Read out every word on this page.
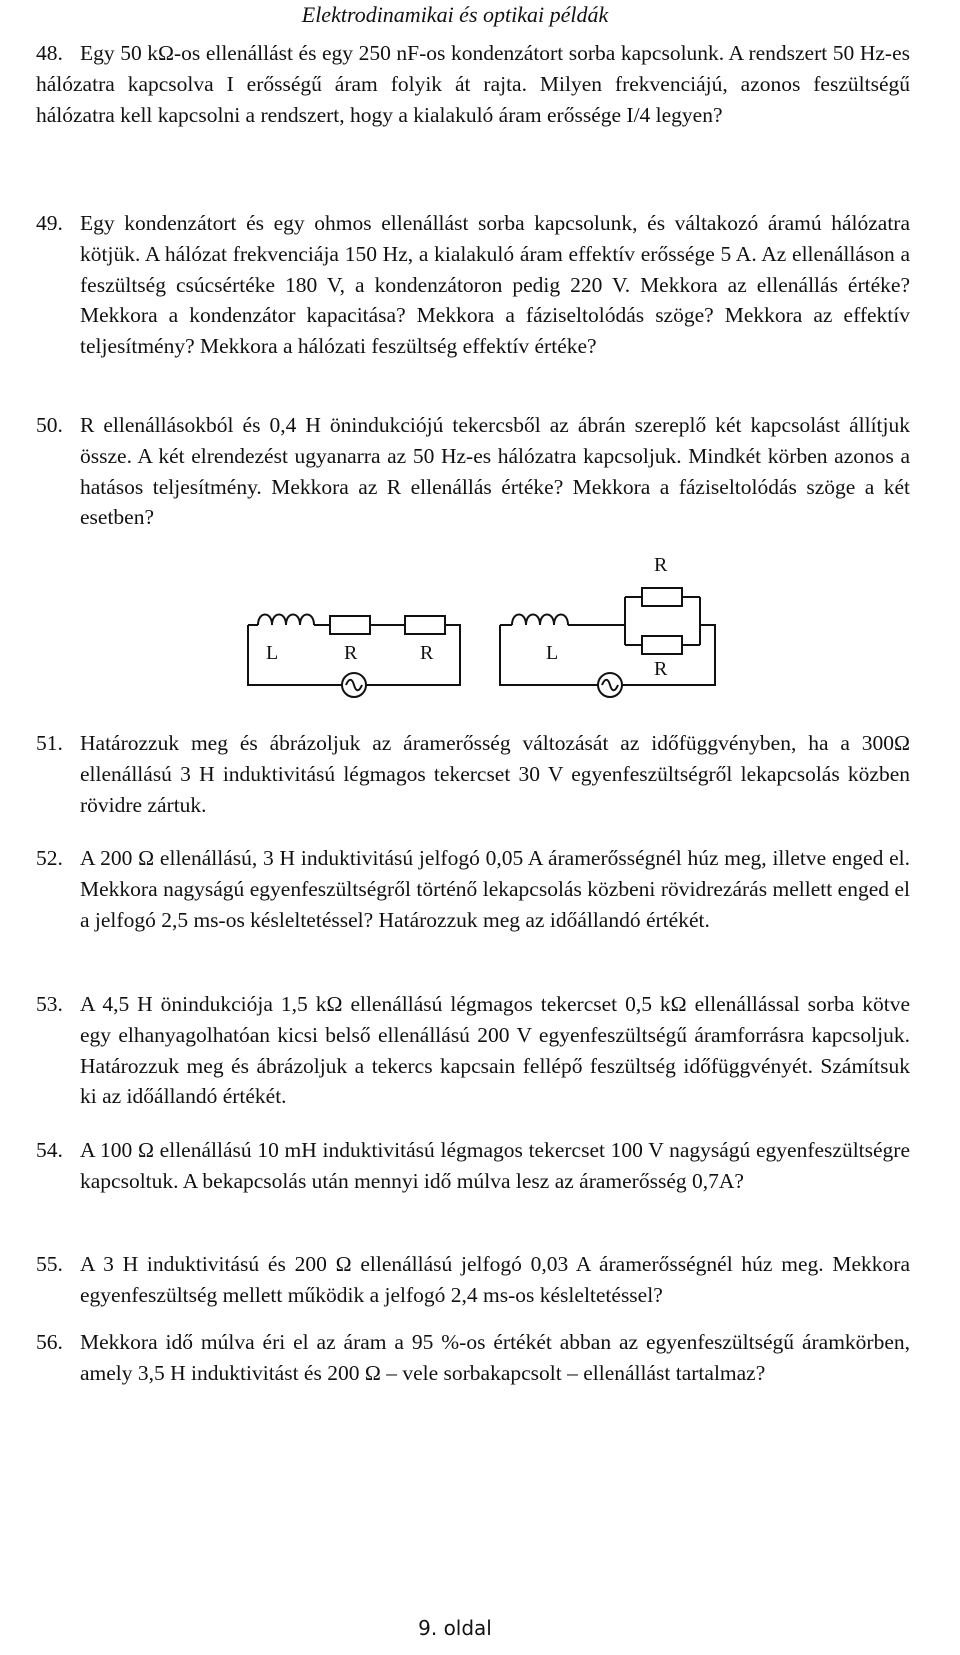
Elektrodinamikai és optikai példák
48. Egy 50 kΩ-os ellenállást és egy 250 nF-os kondenzátort sorba kapcsolunk. A rendszert 50 Hz-es hálózatra kapcsolva I erősségű áram folyik át rajta. Milyen frekvenciájú, azonos feszültségű hálózatra kell kapcsolni a rendszert, hogy a kialakuló áram erőssége I/4 legyen?
49. Egy kondenzátort és egy ohmos ellenállást sorba kapcsolunk, és váltakozó áramú hálózatra kötjük. A hálózat frekvenciája 150 Hz, a kialakuló áram effektív erőssége 5 A. Az ellenálláson a feszültség csúcsértéke 180 V, a kondenzátoron pedig 220 V. Mekkora az ellenállás értéke? Mekkora a kondenzátor kapacitása? Mekkora a fáziseltolódás szöge? Mekkora az effektív teljesítmény? Mekkora a hálózati feszültség effektív értéke?
50. R ellenállásokból és 0,4 H önindukciójú tekercsből az ábrán szereplő két kapcsolást állítjuk össze. A két elrendezést ugyanarra az 50 Hz-es hálózatra kapcsoljuk. Mindkét körben azonos a hatásos teljesítmény. Mekkora az R ellenállás értéke? Mekkora a fáziseltolódás szöge a két esetben?
L	R	R	L
R
R
51. Határozzuk meg és ábrázoljuk az áramerősség változását az időfüggvényben, ha a 300Ω ellenállású 3 H induktivitású légmagos tekercset 30 V egyenfeszültségről lekapcsolás közben rövidre zártuk.
52. A 200 Ω ellenállású, 3 H induktivitású jelfogó 0,05 A áramerősségnél húz meg, illetve enged el. Mekkora nagyságú egyenfeszültségről történő lekapcsolás közbeni rövidrezárás mellett enged el a jelfogó 2,5 ms-os késleltetéssel? Határozzuk meg az időállandó értékét.
53. A 4,5 H önindukciója 1,5 kΩ ellenállású légmagos tekercset 0,5 kΩ ellenállással sorba kötve egy elhanyagolhatóan kicsi belső ellenállású 200 V egyenfeszültségű áramforrásra kapcsoljuk. Határozzuk meg és ábrázoljuk a tekercs kapcsain fellépő feszültség időfüggvényét. Számítsuk ki az időállandó értékét.
54. A 100 Ω ellenállású 10 mH induktivitású légmagos tekercset 100 V nagyságú egyenfeszültségre kapcsoltuk. A bekapcsolás után mennyi idő múlva lesz az áramerősség 0,7A?
55. A 3 H induktivitású és 200 Ω ellenállású jelfogó 0,03 A áramerősségnél húz meg. Mekkora egyenfeszültség mellett működik a jelfogó 2,4 ms-os késleltetéssel?
56. Mekkora idő múlva éri el az áram a 95 %-os értékét abban az egyenfeszültségű áramkörben, amely 3,5 H induktivitást és 200 Ω – vele sorbakapcsolt – ellenállást tartalmaz?
9. oldal
